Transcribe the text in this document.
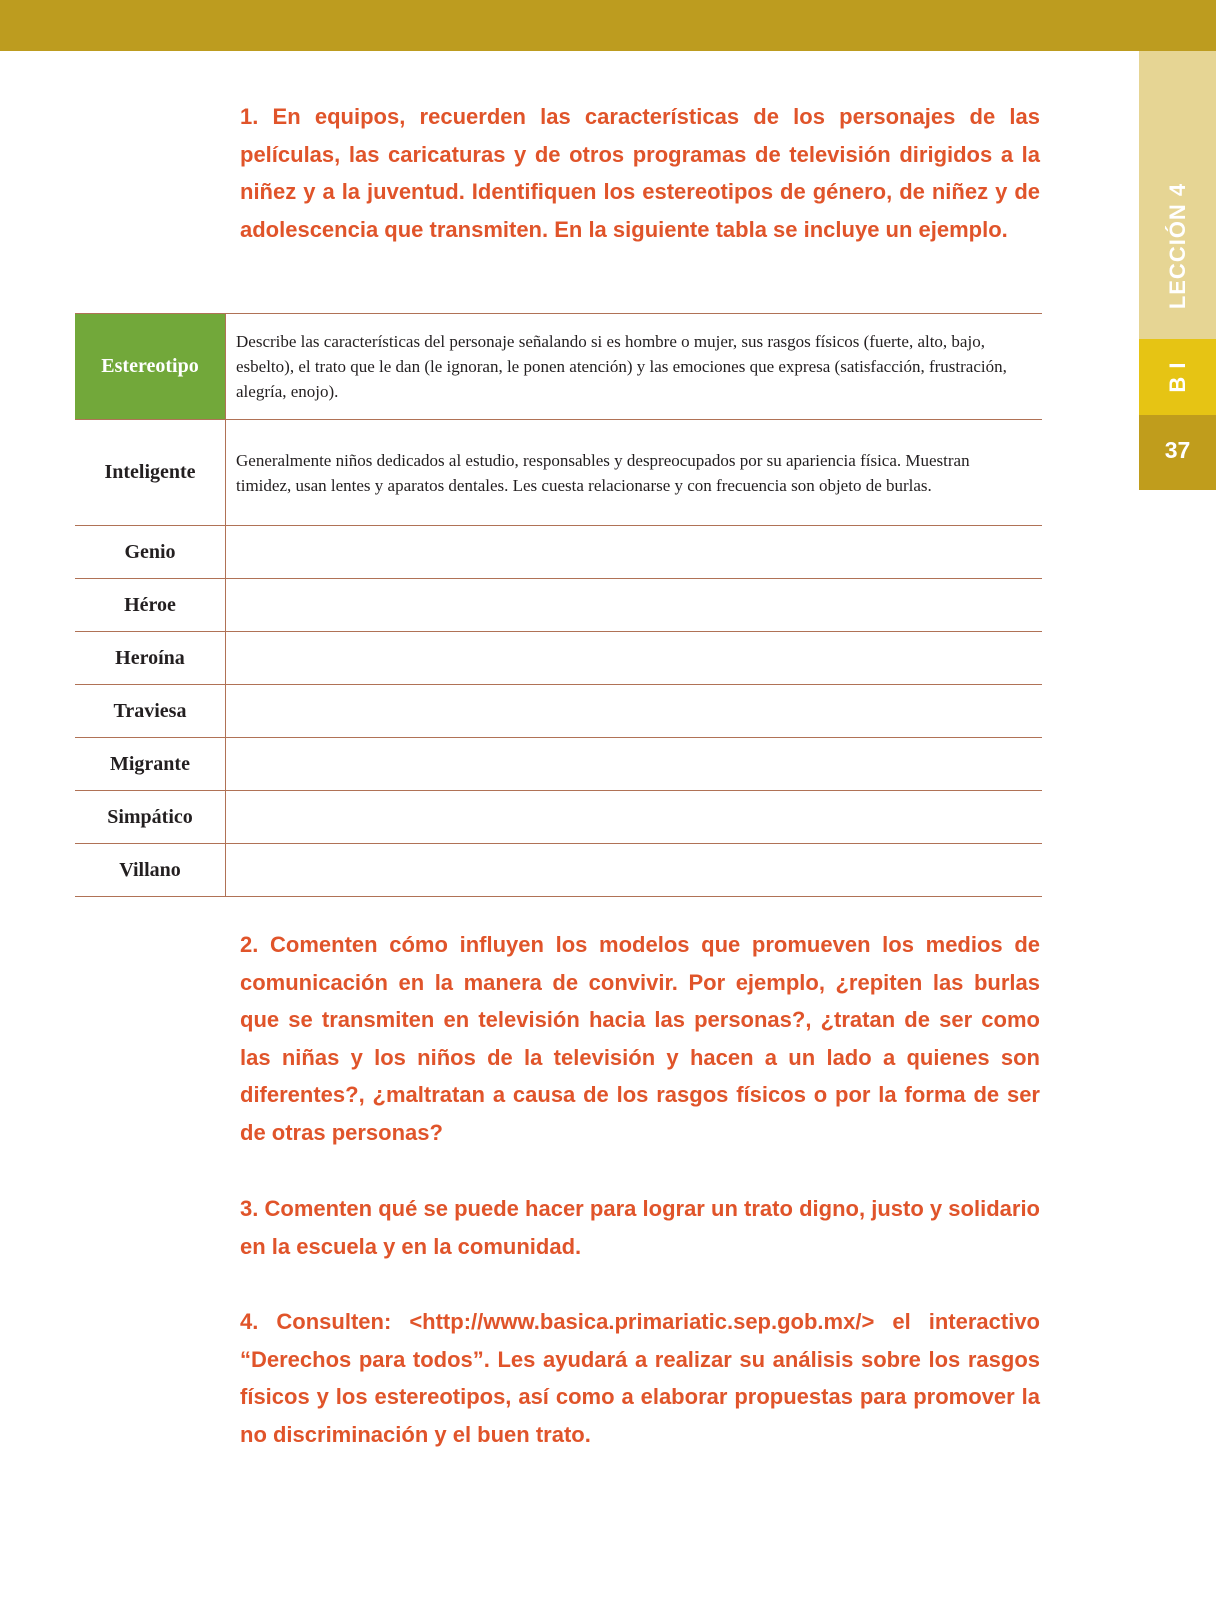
LECCIÓN 4
B I
37

1. En equipos, recuerden las características de los personajes de las películas, las caricaturas y de otros programas de televisión dirigidos a la niñez y a la juventud. Identifiquen los estereotipos de género, de niñez y de adolescencia que transmiten. En la siguiente tabla se incluye un ejemplo.

Estereotipo	Describe las características del personaje señalando si es hombre o mujer, sus rasgos físicos (fuerte, alto, bajo, esbelto), el trato que le dan (le ignoran, le ponen atención) y las emociones que expresa (satisfacción, frustración, alegría, enojo).
Inteligente	Generalmente niños dedicados al estudio, responsables y despreocupados por su apariencia física. Muestran timidez, usan lentes y aparatos dentales. Les cuesta relacionarse y con frecuencia son objeto de burlas.
Genio	
Héroe	
Heroína	
Traviesa	
Migrante	
Simpático	
Villano	

2. Comenten cómo influyen los modelos que promueven los medios de comunicación en la manera de convivir. Por ejemplo, ¿repiten las burlas que se transmiten en televisión hacia las personas?, ¿tratan de ser como las niñas y los niños de la televisión y hacen a un lado a quienes son diferentes?, ¿maltratan a causa de los rasgos físicos o por la forma de ser de otras personas?

3. Comenten qué se puede hacer para lograr un trato digno, justo y solidario en la escuela y en la comunidad.

4. Consulten: <http://www.basica.primariatic.sep.gob.mx/> el interactivo “Derechos para todos”. Les ayudará a realizar su análisis sobre los rasgos físicos y los estereotipos, así como a elaborar propuestas para promover la no discriminación y el buen trato.
